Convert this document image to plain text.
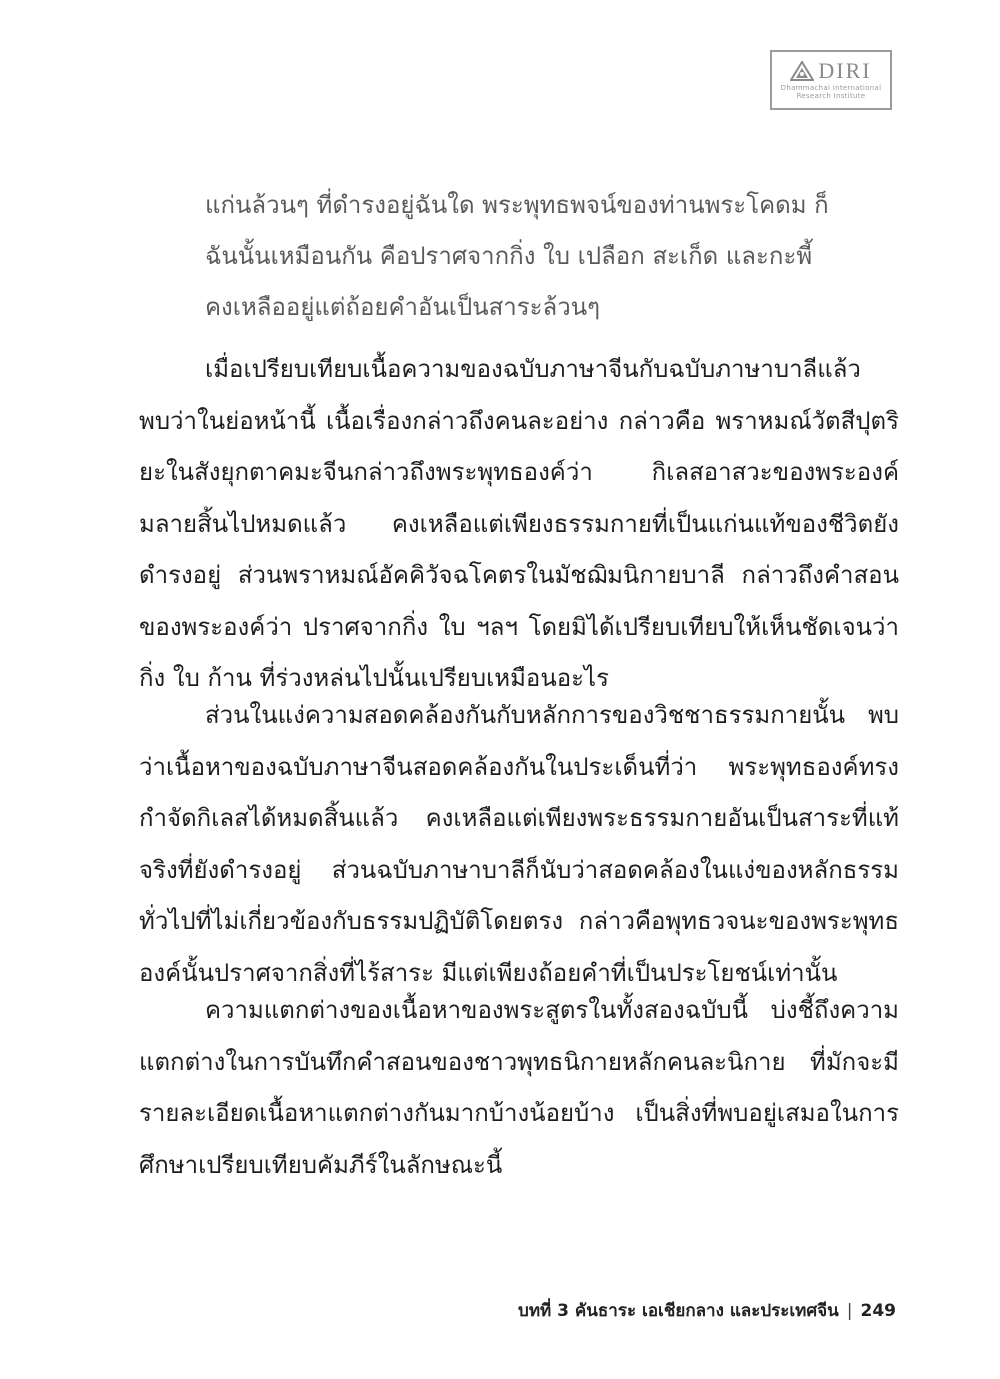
DIRI
Dhammachai International
Research Institute
แก่นล้วนๆ ที่ดำรงอยู่ฉันใด พระพุทธพจน์ของท่านพระโคดม ก็
ฉันนั้นเหมือนกัน คือปราศจากกิ่ง ใบ เปลือก สะเก็ด และกะพี้
คงเหลืออยู่แต่ถ้อยคำอันเป็นสาระล้วนๆ

เมื่อเปรียบเทียบเนื้อความของฉบับภาษาจีนกับฉบับภาษาบาลีแล้ว พบว่าในย่อหน้านี้ เนื้อเรื่องกล่าวถึงคนละอย่าง กล่าวคือ พราหมณ์วัตสีปุตริยะในสังยุกตาคมะจีนกล่าวถึงพระพุทธองค์ว่า กิเลสอาสวะของพระองค์มลายสิ้นไปหมดแล้ว คงเหลือแต่เพียงธรรมกายที่เป็นแก่นแท้ของชีวิตยังดำรงอยู่ ส่วนพราหมณ์อัคคิวัจฉโคตรในมัชฌิมนิกายบาลี กล่าวถึงคำสอนของพระองค์ว่า ปราศจากกิ่ง ใบ ฯลฯ โดยมิได้เปรียบเทียบให้เห็นชัดเจนว่า กิ่ง ใบ ก้าน ที่ร่วงหล่นไปนั้นเปรียบเหมือนอะไร

ส่วนในแง่ความสอดคล้องกันกับหลักการของวิชชาธรรมกายนั้น พบว่าเนื้อหาของฉบับภาษาจีนสอดคล้องกันในประเด็นที่ว่า พระพุทธองค์ทรงกำจัดกิเลสได้หมดสิ้นแล้ว คงเหลือแต่เพียงพระธรรมกายอันเป็นสาระที่แท้จริงที่ยังดำรงอยู่ ส่วนฉบับภาษาบาลีก็นับว่าสอดคล้องในแง่ของหลักธรรมทั่วไปที่ไม่เกี่ยวข้องกับธรรมปฏิบัติโดยตรง กล่าวคือพุทธวจนะของพระพุทธองค์นั้นปราศจากสิ่งที่ไร้สาระ มีแต่เพียงถ้อยคำที่เป็นประโยชน์เท่านั้น

ความแตกต่างของเนื้อหาของพระสูตรในทั้งสองฉบับนี้ บ่งชี้ถึงความแตกต่างในการบันทึกคำสอนของชาวพุทธนิกายหลักคนละนิกาย ที่มักจะมีรายละเอียดเนื้อหาแตกต่างกันมากบ้างน้อยบ้าง เป็นสิ่งที่พบอยู่เสมอในการศึกษาเปรียบเทียบคัมภีร์ในลักษณะนี้

บทที่ 3 คันธาระ เอเชียกลาง และประเทศจีน | 249
